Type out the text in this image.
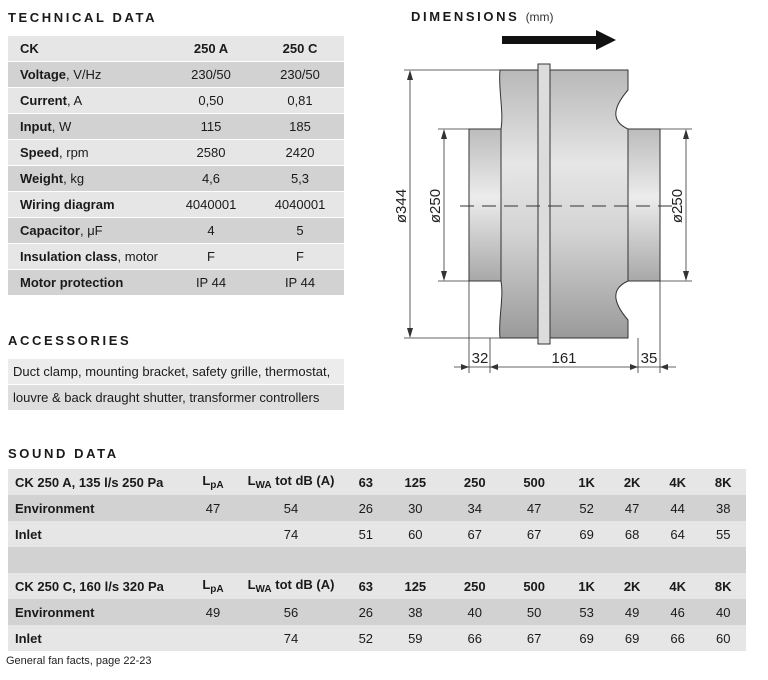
TECHNICAL DATA
CK	250 A	250 C
Voltage, V/Hz	230/50	230/50
Current, A	0,50	0,81
Input, W	115	185
Speed, rpm	2580	2420
Weight, kg	4,6	5,3
Wiring diagram	4040001	4040001
Capacitor, μF	4	5
Insulation class, motor	F	F
Motor protection	IP 44	IP 44
DIMENSIONS (mm)
ø344 ø250	ø250
32	161	35
ACCESSORIES
Duct clamp, mounting bracket, safety grille, thermostat,
louvre & back draught shutter, transformer controllers
SOUND DATA
CK 250 A, 135 l/s 250 Pa	$L_{pA}$	$L_{WA}$ tot dB (A)	63	125	250	500	1K	2K	4K	8K
Environment	47	54	26	30	34	47	52	47	44	38
Inlet		74	51	60	67	67	69	68	64	55

CK 250 C, 160 l/s 320 Pa	$L_{pA}$	$L_{WA}$ tot dB (A)	63	125	250	500	1K	2K	4K	8K
Environment	49	56	26	38	40	50	53	49	46	40
Inlet		74	52	59	66	67	69	69	66	60
General fan facts, page 22-23
